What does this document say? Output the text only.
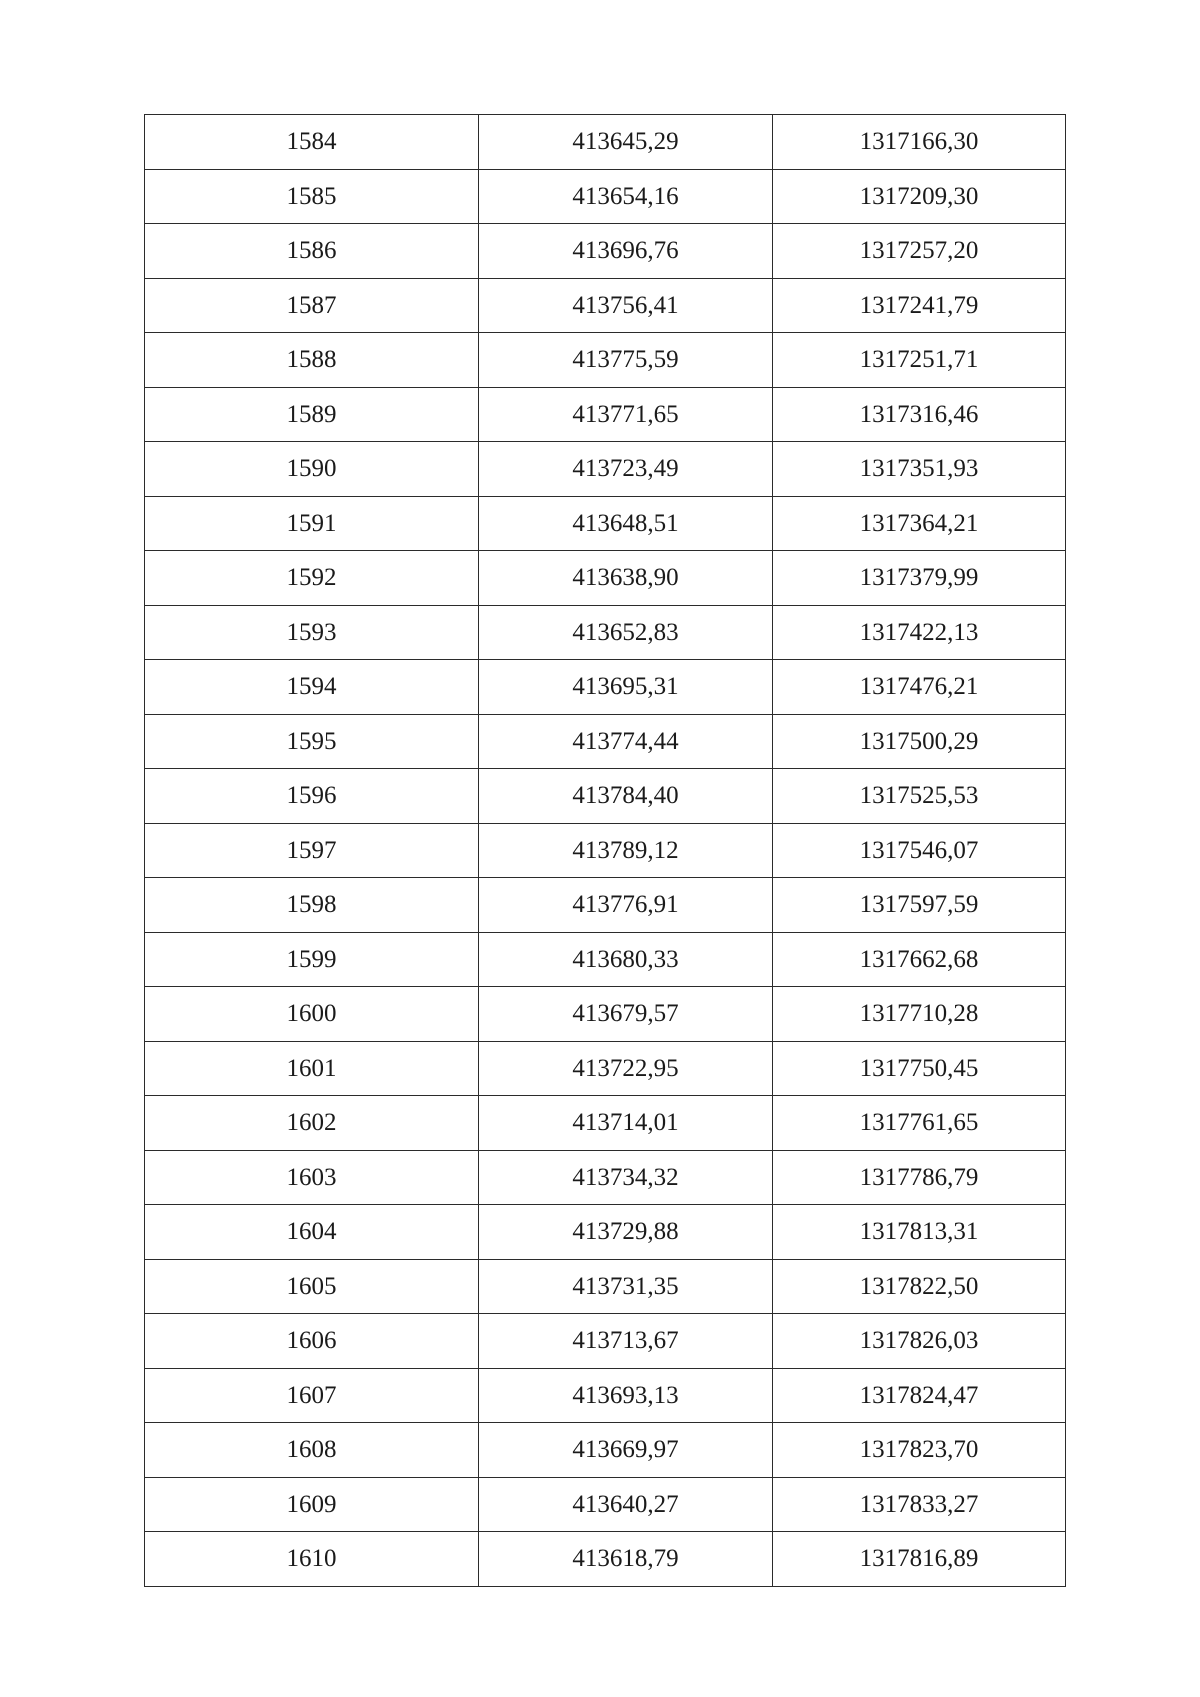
1584	413645,29	1317166,30
1585	413654,16	1317209,30
1586	413696,76	1317257,20
1587	413756,41	1317241,79
1588	413775,59	1317251,71
1589	413771,65	1317316,46
1590	413723,49	1317351,93
1591	413648,51	1317364,21
1592	413638,90	1317379,99
1593	413652,83	1317422,13
1594	413695,31	1317476,21
1595	413774,44	1317500,29
1596	413784,40	1317525,53
1597	413789,12	1317546,07
1598	413776,91	1317597,59
1599	413680,33	1317662,68
1600	413679,57	1317710,28
1601	413722,95	1317750,45
1602	413714,01	1317761,65
1603	413734,32	1317786,79
1604	413729,88	1317813,31
1605	413731,35	1317822,50
1606	413713,67	1317826,03
1607	413693,13	1317824,47
1608	413669,97	1317823,70
1609	413640,27	1317833,27
1610	413618,79	1317816,89
